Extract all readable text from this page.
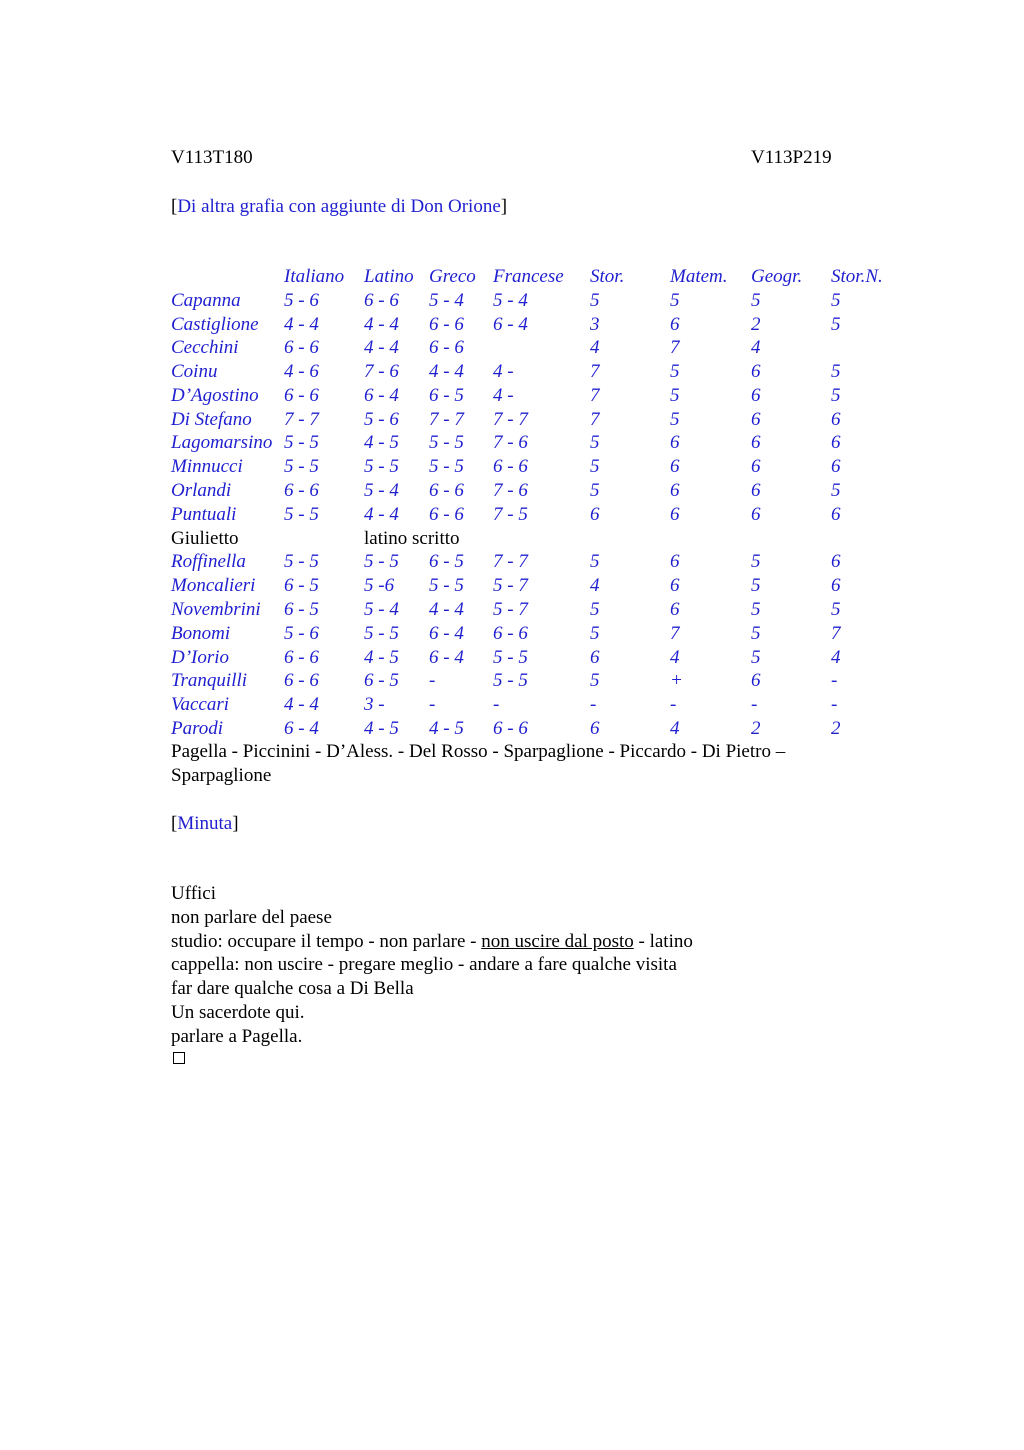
V113T180	V113P219
[Di altra grafia con aggiunte di Don Orione]
	Italiano	Latino	Greco	Francese	Stor.	Matem.	Geogr.	Stor.N.
Capanna	5 - 6	6 - 6	5 - 4	5 - 4	5	5	5	5
Castiglione	4 - 4	4 - 4	6 - 6	6 - 4	3	6	2	5
Cecchini	6 - 6	4 - 4	6 - 6		4	7	4	
Coinu	4 - 6	7 - 6	4 - 4	4 -	7	5	6	5
D’Agostino	6 - 6	6 - 4	6 - 5	4 -	7	5	6	5
Di Stefano	7 - 7	5 - 6	7 - 7	7 - 7	7	5	6	6
Lagomarsino	5 - 5	4 - 5	5 - 5	7 - 6	5	6	6	6
Minnucci	5 - 5	5 - 5	5 - 5	6 - 6	5	6	6	6
Orlandi	6 - 6	5 - 4	6 - 6	7 - 6	5	6	6	5
Puntuali	5 - 5	4 - 4	6 - 6	7 - 5	6	6	6	6
Giulietto		latino scritto						
Roffinella	5 - 5	5 - 5	6 - 5	7 - 7	5	6	5	6
Moncalieri	6 - 5	5 -6	5 - 5	5 - 7	4	6	5	6
Novembrini	6 - 5	5 - 4	4 - 4	5 - 7	5	6	5	5
Bonomi	5 - 6	5 - 5	6 - 4	6 - 6	5	7	5	7
D’Iorio	6 - 6	4 - 5	6 - 4	5 - 5	6	4	5	4
Tranquilli	6 - 6	6 - 5	-	5 - 5	5	+	6	-
Vaccari	4 - 4	3 -	-	-	-	-	-	-
Parodi	6 - 4	4 - 5	4 - 5	6 - 6	6	4	2	2
Pagella - Piccinini - D’Aless. - Del Rosso - Sparpaglione - Piccardo - Di Pietro –
Sparpaglione
[Minuta]
Uffici
non parlare del paese
studio: occupare il tempo - non parlare - non uscire dal posto - latino
cappella: non uscire - pregare meglio - andare a fare qualche visita
far dare qualche cosa a Di Bella
Un sacerdote qui.
parlare a Pagella.
